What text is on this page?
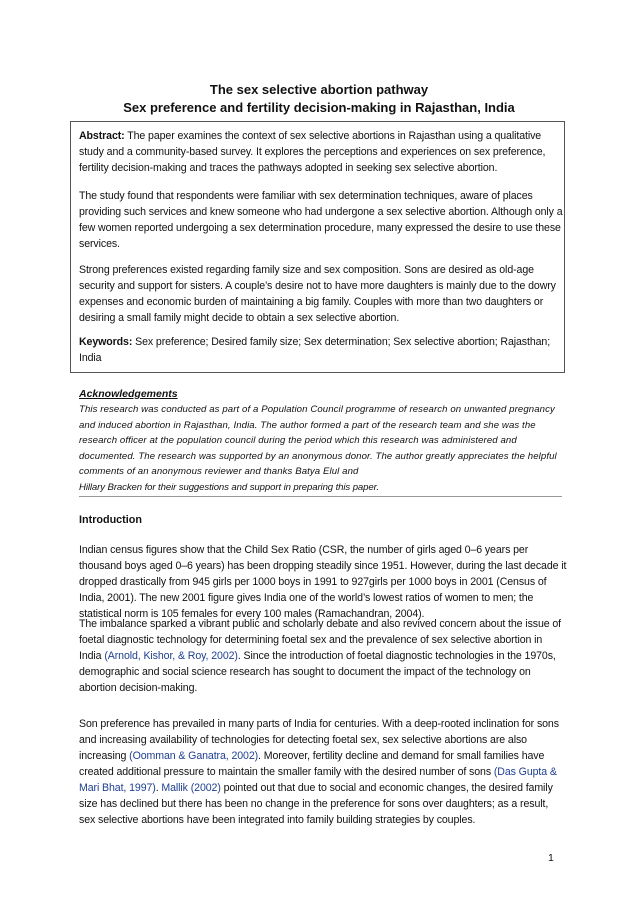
The sex selective abortion pathway
Sex preference and fertility decision-making in Rajasthan, India

Abstract: The paper examines the context of sex selective abortions in Rajasthan using a qualitative study and a community-based survey. It explores the perceptions and experiences on sex preference, fertility decision-making and traces the pathways adopted in seeking sex selective abortion.

The study found that respondents were familiar with sex determination techniques, aware of places providing such services and knew someone who had undergone a sex selective abortion. Although only a few women reported undergoing a sex determination procedure, many expressed the desire to use these services.

Strong preferences existed regarding family size and sex composition. Sons are desired as old-age security and support for sisters. A couple’s desire not to have more daughters is mainly due to the dowry expenses and economic burden of maintaining a big family. Couples with more than two daughters or desiring a small family might decide to obtain a sex selective abortion.

Keywords: Sex preference; Desired family size; Sex determination; Sex selective abortion; Rajasthan; India

Acknowledgements

This research was conducted as part of a Population Council programme of research on unwanted pregnancy and induced abortion in Rajasthan, India. The author formed a part of the research team and she was the research officer at the population council during the period which this research was administered and documented. The research was supported by an anonymous donor. The author greatly appreciates the helpful comments of an anonymous reviewer and thanks Batya Elul and
Hillary Bracken for their suggestions and support in preparing this paper.

Introduction

Indian census figures show that the Child Sex Ratio (CSR, the number of girls aged 0–6 years per thousand boys aged 0–6 years) has been dropping steadily since 1951. However, during the last decade it dropped drastically from 945 girls per 1000 boys in 1991 to 927girls per 1000 boys in 2001 (Census of India, 2001). The new 2001 figure gives India one of the world’s lowest ratios of women to men; the statistical norm is 105 females for every 100 males (Ramachandran, 2004).

The imbalance sparked a vibrant public and scholarly debate and also revived concern about the issue of foetal diagnostic technology for determining foetal sex and the prevalence of sex selective abortion in India (Arnold, Kishor, & Roy, 2002). Since the introduction of foetal diagnostic technologies in the 1970s, demographic and social science research has sought to document the impact of the technology on abortion decision-making.

Son preference has prevailed in many parts of India for centuries. With a deep-rooted inclination for sons and increasing availability of technologies for detecting foetal sex, sex selective abortions are also increasing (Oomman & Ganatra, 2002). Moreover, fertility decline and demand for small families have created additional pressure to maintain the smaller family with the desired number of sons (Das Gupta & Mari Bhat, 1997). Mallik (2002) pointed out that due to social and economic changes, the desired family size has declined but there has been no change in the preference for sons over daughters; as a result, sex selective abortions have been integrated into family building strategies by couples.

1
